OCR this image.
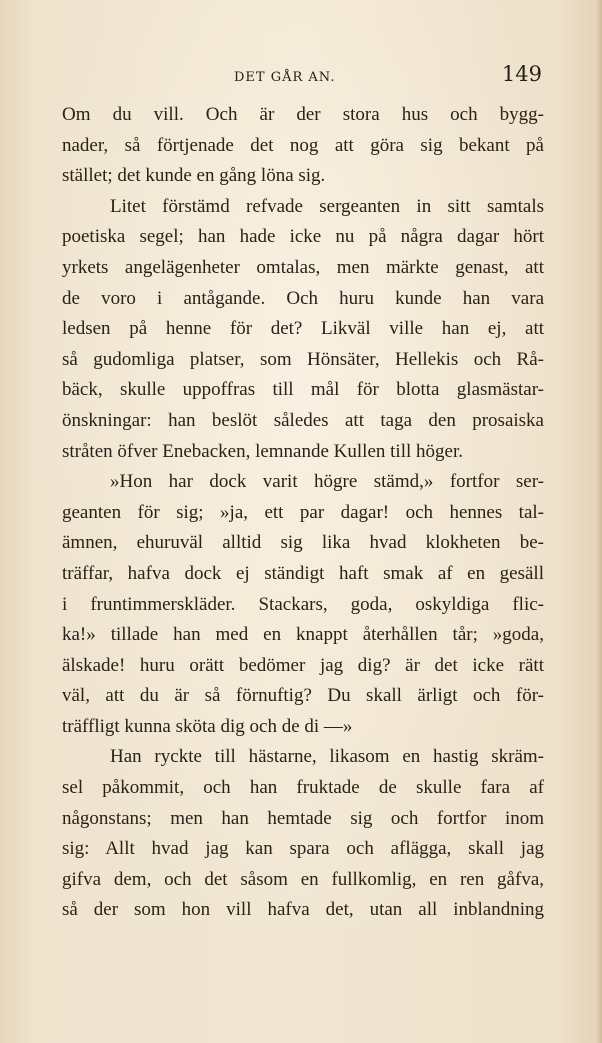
DET GÅR AN.	149
Om du vill. Och är der stora hus och bygg-
nader, så förtjenade det nog att göra sig bekant på
stället; det kunde en gång löna sig.
Litet förstämd refvade sergeanten in sitt samtals
poetiska segel; han hade icke nu på några dagar hört
yrkets angelägenheter omtalas, men märkte genast, att
de voro i antågande. Och huru kunde han vara
ledsen på henne för det? Likväl ville han ej, att
så gudomliga platser, som Hönsäter, Hellekis och Rå-
bäck, skulle uppoffras till mål för blotta glasmästar-
önskningar: han beslöt således att taga den prosaiska
stråten öfver Enebacken, lemnande Kullen till höger.
»Hon har dock varit högre stämd,» fortfor ser-
geanten för sig; »ja, ett par dagar! och hennes tal-
ämnen, ehuruväl alltid sig lika hvad klokheten be-
träffar, hafva dock ej ständigt haft smak af en gesäll
i fruntimmerskläder. Stackars, goda, oskyldiga flic-
ka!» tillade han med en knappt återhållen tår; »goda,
älskade! huru orätt bedömer jag dig? är det icke rätt
väl, att du är så förnuftig? Du skall ärligt och för-
träffligt kunna sköta dig och de di —»
Han ryckte till hästarne, likasom en hastig skräm-
sel påkommit, och han fruktade de skulle fara af
någonstans; men han hemtade sig och fortfor inom
sig: Allt hvad jag kan spara och aflägga, skall jag
gifva dem, och det såsom en fullkomlig, en ren gåfva,
så der som hon vill hafva det, utan all inblandning
